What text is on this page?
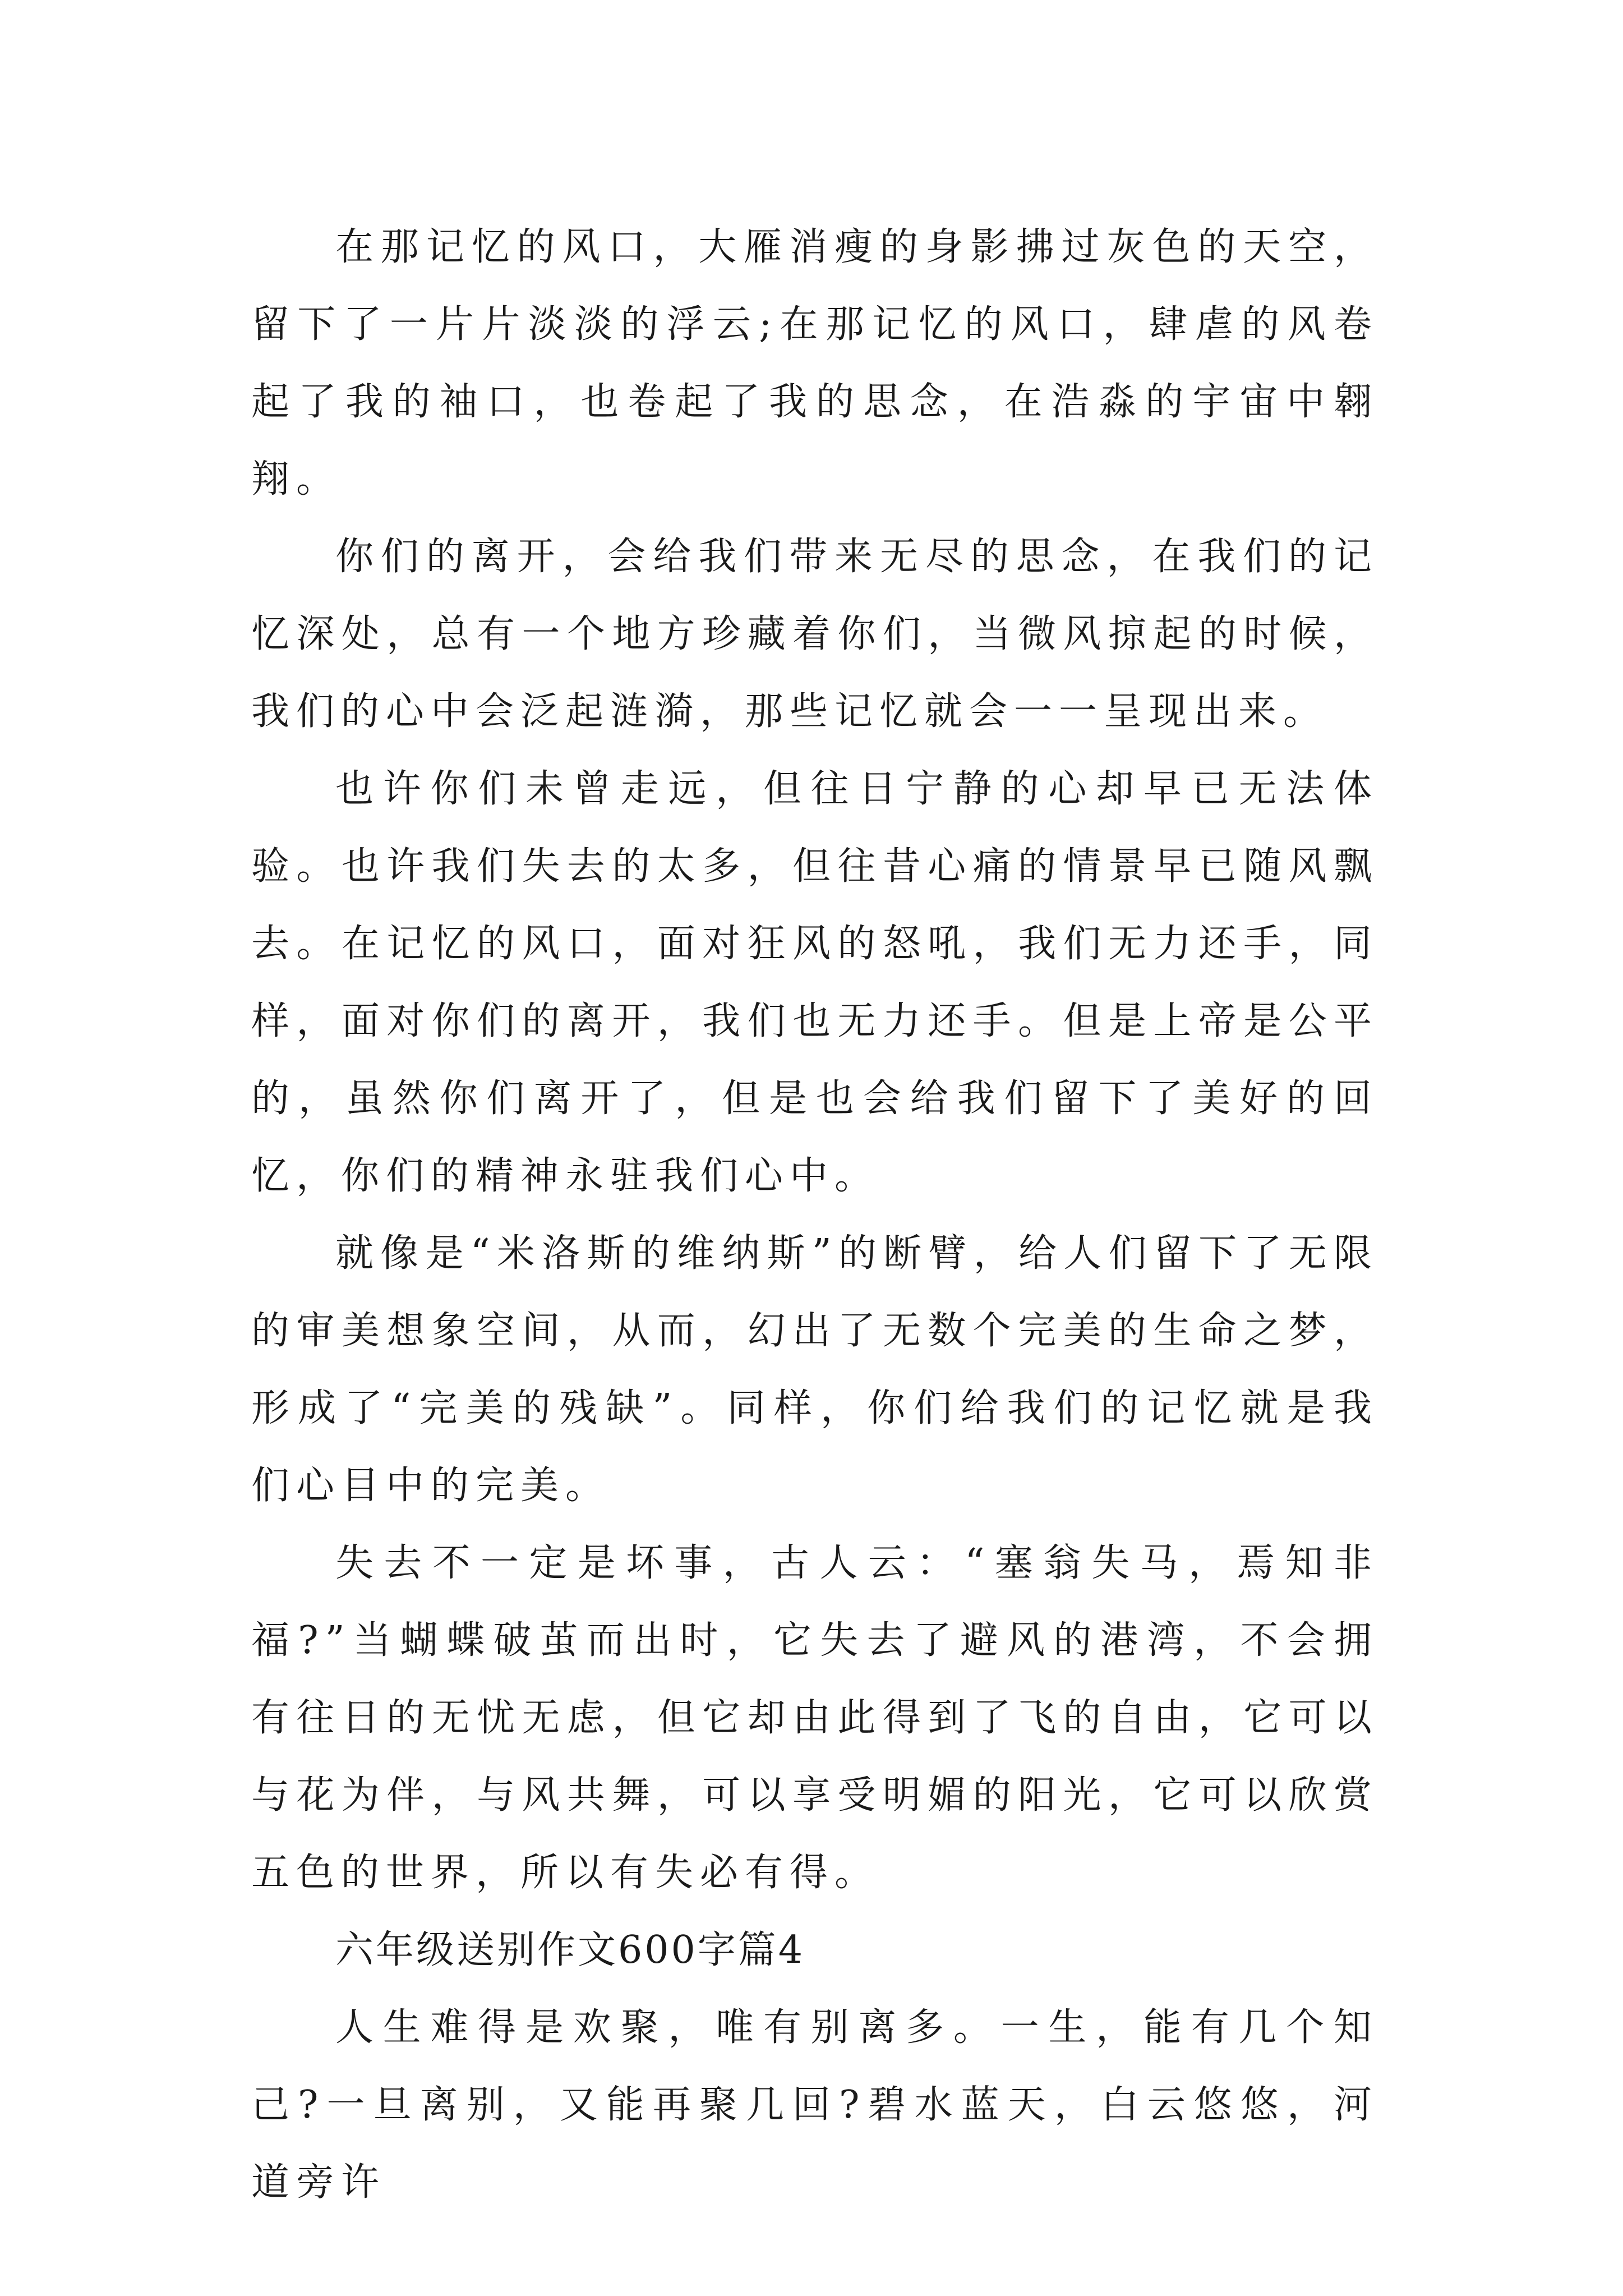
在那记忆的风口，大雁消瘦的身影拂过灰色的天空，留下了一片片淡淡的浮云;在那记忆的风口，肆虐的风卷起了我的袖口，也卷起了我的思念，在浩淼的宇宙中翱翔。

你们的离开，会给我们带来无尽的思念，在我们的记忆深处，总有一个地方珍藏着你们，当微风掠起的时候，我们的心中会泛起涟漪，那些记忆就会一一呈现出来。

也许你们未曾走远，但往日宁静的心却早已无法体验。也许我们失去的太多，但往昔心痛的情景早已随风飘去。在记忆的风口，面对狂风的怒吼，我们无力还手，同样，面对你们的离开，我们也无力还手。但是上帝是公平的，虽然你们离开了，但是也会给我们留下了美好的回忆，你们的精神永驻我们心中。

就像是“米洛斯的维纳斯”的断臂，给人们留下了无限的审美想象空间，从而，幻出了无数个完美的生命之梦，形成了“完美的残缺”。同样，你们给我们的记忆就是我们心目中的完美。

失去不一定是坏事，古人云：“塞翁失马，焉知非福?”当蝴蝶破茧而出时，它失去了避风的港湾，不会拥有往日的无忧无虑，但它却由此得到了飞的自由，它可以与花为伴，与风共舞，可以享受明媚的阳光，它可以欣赏五色的世界，所以有失必有得。

六年级送别作文600字篇4

人生难得是欢聚，唯有别离多。一生，能有几个知己?一旦离别，又能再聚几回?碧水蓝天，白云悠悠，河道旁许
